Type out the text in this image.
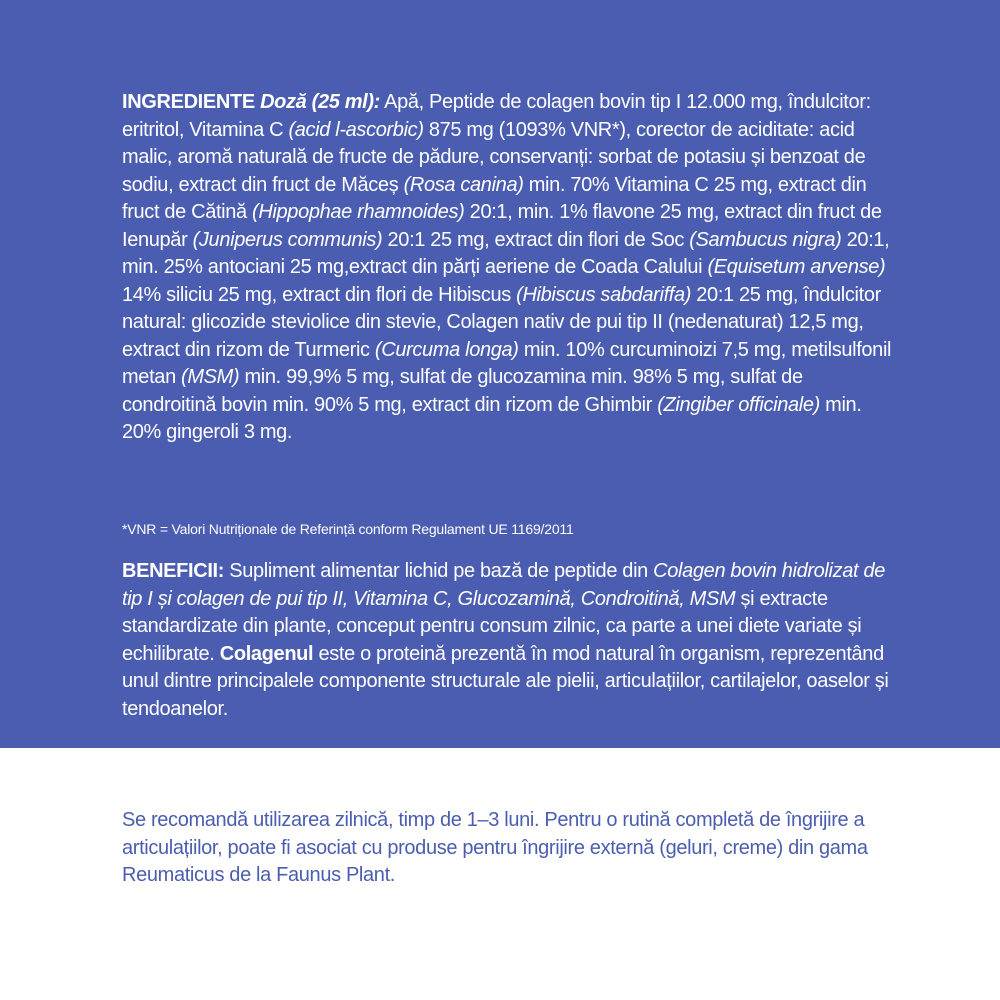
INGREDIENTE Doză (25 ml): Apă, Peptide de colagen bovin tip I 12.000 mg, îndulcitor: eritritol, Vitamina C (acid l-ascorbic) 875 mg (1093% VNR*), corector de aciditate: acid malic, aromă naturală de fructe de pădure, conservanți: sorbat de potasiu și benzoat de sodiu, extract din fruct de Măceș (Rosa canina) min. 70% Vitamina C 25 mg, extract din fruct de Cătină (Hippophae rhamnoides) 20:1, min. 1% flavone 25 mg, extract din fruct de Ienupăr (Juniperus communis) 20:1 25 mg, extract din flori de Soc (Sambucus nigra) 20:1, min. 25% antociani 25 mg,extract din părți aeriene de Coada Calului (Equisetum arvense) 14% siliciu 25 mg, extract din flori de Hibiscus (Hibiscus sabdariffa) 20:1 25 mg, îndulcitor natural: glicozide steviolice din stevie, Colagen nativ de pui tip II (nedenaturat) 12,5 mg, extract din rizom de Turmeric (Curcuma longa) min. 10% curcuminoizi 7,5 mg, metilsulfonil metan (MSM) min. 99,9% 5 mg, sulfat de glucozamina min. 98% 5 mg, sulfat de condroitină bovin min. 90% 5 mg, extract din rizom de Ghimbir (Zingiber officinale) min. 20% gingeroli 3 mg.

*VNR = Valori Nutriționale de Referință conform Regulament UE 1169/2011

BENEFICII: Supliment alimentar lichid pe bază de peptide din Colagen bovin hidrolizat de tip I și colagen de pui tip II, Vitamina C, Glucozamină, Condroitină, MSM și extracte standardizate din plante, conceput pentru consum zilnic, ca parte a unei diete variate și echilibrate. Colagenul este o proteină prezentă în mod natural în organism, reprezentând unul dintre principalele componente structurale ale pielii, articulațiilor, cartilajelor, oaselor și tendoanelor.

Se recomandă utilizarea zilnică, timp de 1–3 luni. Pentru o rutină completă de îngrijire a articulațiilor, poate fi asociat cu produse pentru îngrijire externă (geluri, creme) din gama Reumaticus de la Faunus Plant.
